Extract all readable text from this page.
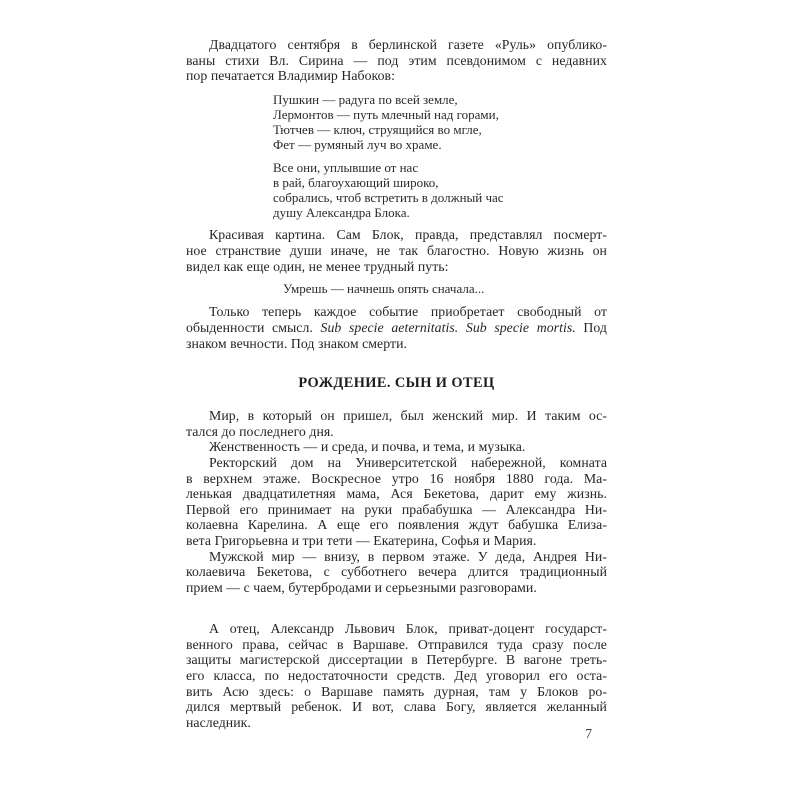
Двадцатого сентября в берлинской газете «Руль» опублико-
ваны стихи Вл. Сирина — под этим псевдонимом с недавних
пор печатается Владимир Набоков:
Пушкин — радуга по всей земле,
Лермонтов — путь млечный над горами,
Тютчев — ключ, струящийся во мгле,
Фет — румяный луч во храме.
Все они, уплывшие от нас
в рай, благоухающий широко,
собрались, чтоб встретить в должный час
душу Александра Блока.
Красивая картина. Сам Блок, правда, представлял посмерт-
ное странствие души иначе, не так благостно. Новую жизнь он
видел как еще один, не менее трудный путь:
Умрешь — начнешь опять сначала...
Только теперь каждое событие приобретает свободный от
обыденности смысл. Sub specie aeternitatis. Sub specie mortis. Под
знаком вечности. Под знаком смерти.
РОЖДЕНИЕ. СЫН И ОТЕЦ
Мир, в который он пришел, был женский мир. И таким ос-
тался до последнего дня.
Женственность — и среда, и почва, и тема, и музыка.
Ректорский дом на Университетской набережной, комната
в верхнем этаже. Воскресное утро 16 ноября 1880 года. Ма-
ленькая двадцатилетняя мама, Ася Бекетова, дарит ему жизнь.
Первой его принимает на руки прабабушка — Александра Ни-
колаевна Карелина. А еще его появления ждут бабушка Елиза-
вета Григорьевна и три тети — Екатерина, Софья и Мария.
Мужской мир — внизу, в первом этаже. У деда, Андрея Ни-
колаевича Бекетова, с субботнего вечера длится традиционный
прием — с чаем, бутербродами и серьезными разговорами.
А отец, Александр Львович Блок, приват-доцент государст-
венного права, сейчас в Варшаве. Отправился туда сразу после
защиты магистерской диссертации в Петербурге. В вагоне треть-
его класса, по недостаточности средств. Дед уговорил его оста-
вить Асю здесь: о Варшаве память дурная, там у Блоков ро-
дился мертвый ребенок. И вот, слава Богу, является желанный
наследник.
7
